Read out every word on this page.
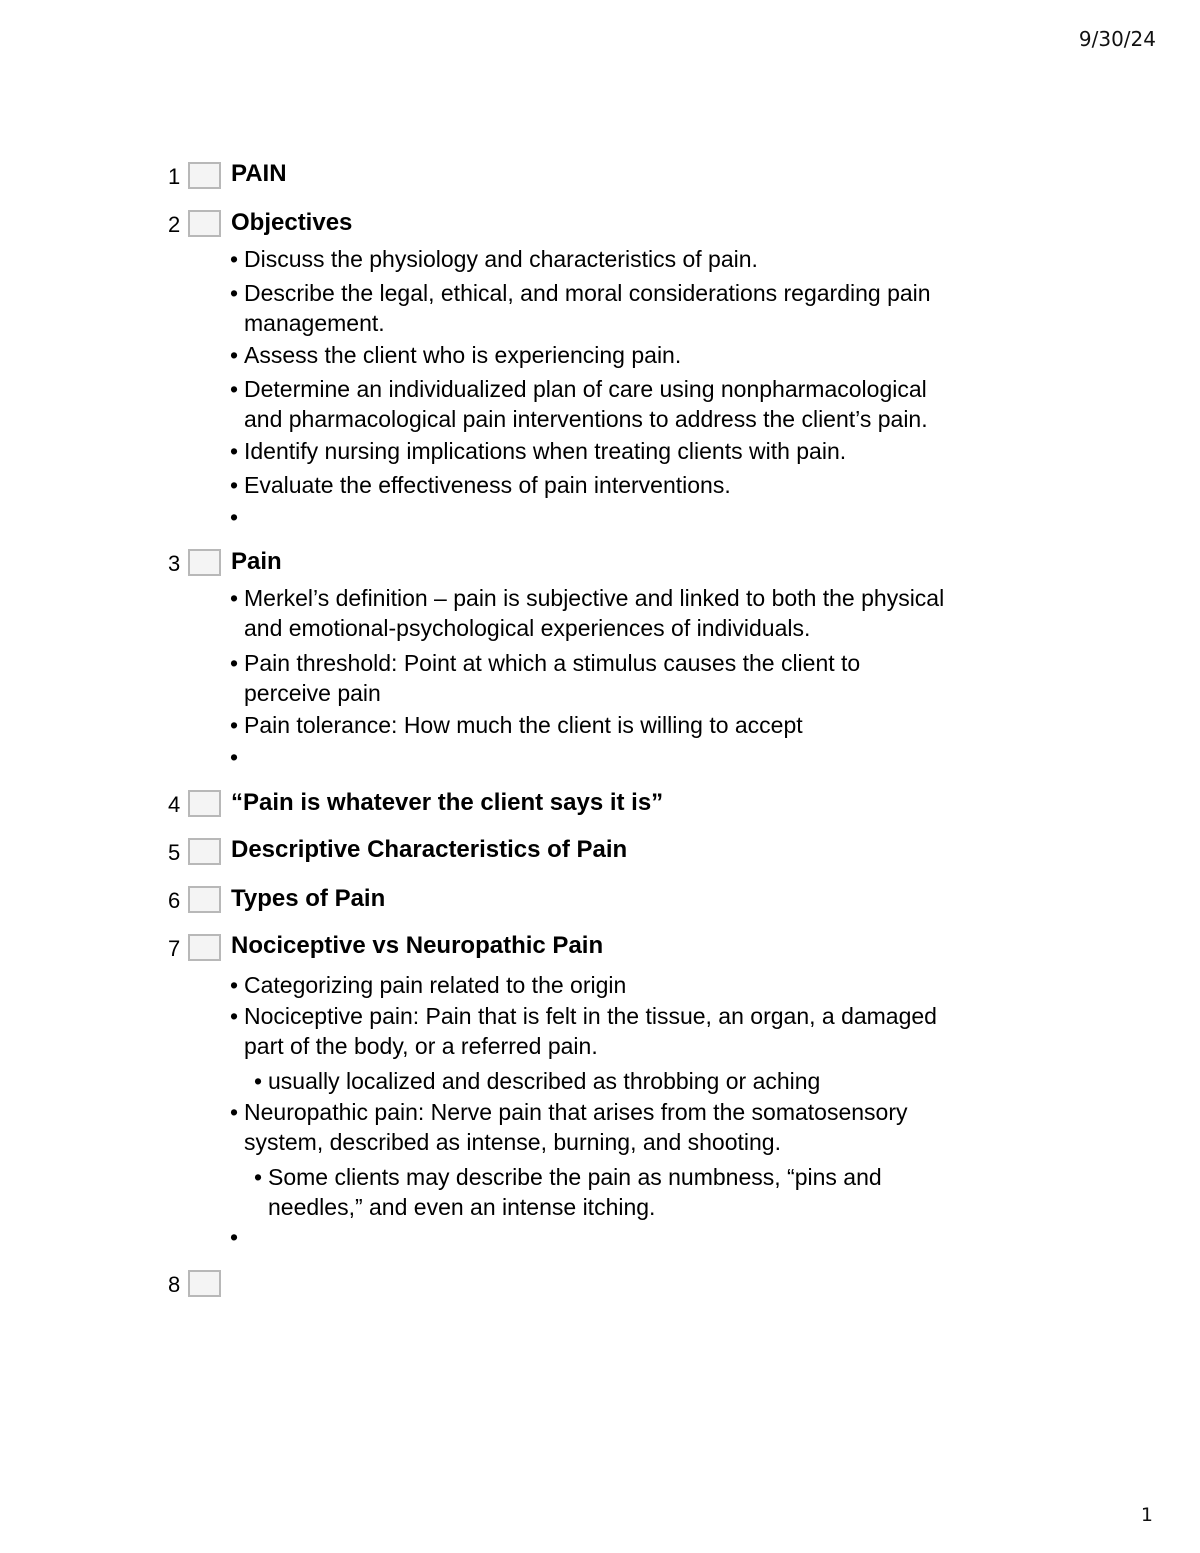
9/30/24
1 PAIN
2 Objectives
• Discuss the physiology and characteristics of pain.
• Describe the legal, ethical, and moral considerations regarding pain
management.
• Assess the client who is experiencing pain.
• Determine an individualized plan of care using nonpharmacological
and pharmacological pain interventions to address the client’s pain.
• Identify nursing implications when treating clients with pain.
• Evaluate the effectiveness of pain interventions.
•
3 Pain
• Merkel’s definition – pain is subjective and linked to both the physical
and emotional-psychological experiences of individuals.
• Pain threshold: Point at which a stimulus causes the client to
perceive pain
• Pain tolerance: How much the client is willing to accept
•
4 “Pain is whatever the client says it is”
5 Descriptive Characteristics of Pain
6 Types of Pain
7 Nociceptive vs Neuropathic Pain
• Categorizing pain related to the origin
• Nociceptive pain: Pain that is felt in the tissue, an organ, a damaged
part of the body, or a referred pain.
• usually localized and described as throbbing or aching
• Neuropathic pain: Nerve pain that arises from the somatosensory
system, described as intense, burning, and shooting.
• Some clients may describe the pain as numbness, “pins and
needles,” and even an intense itching.
•
8
1
